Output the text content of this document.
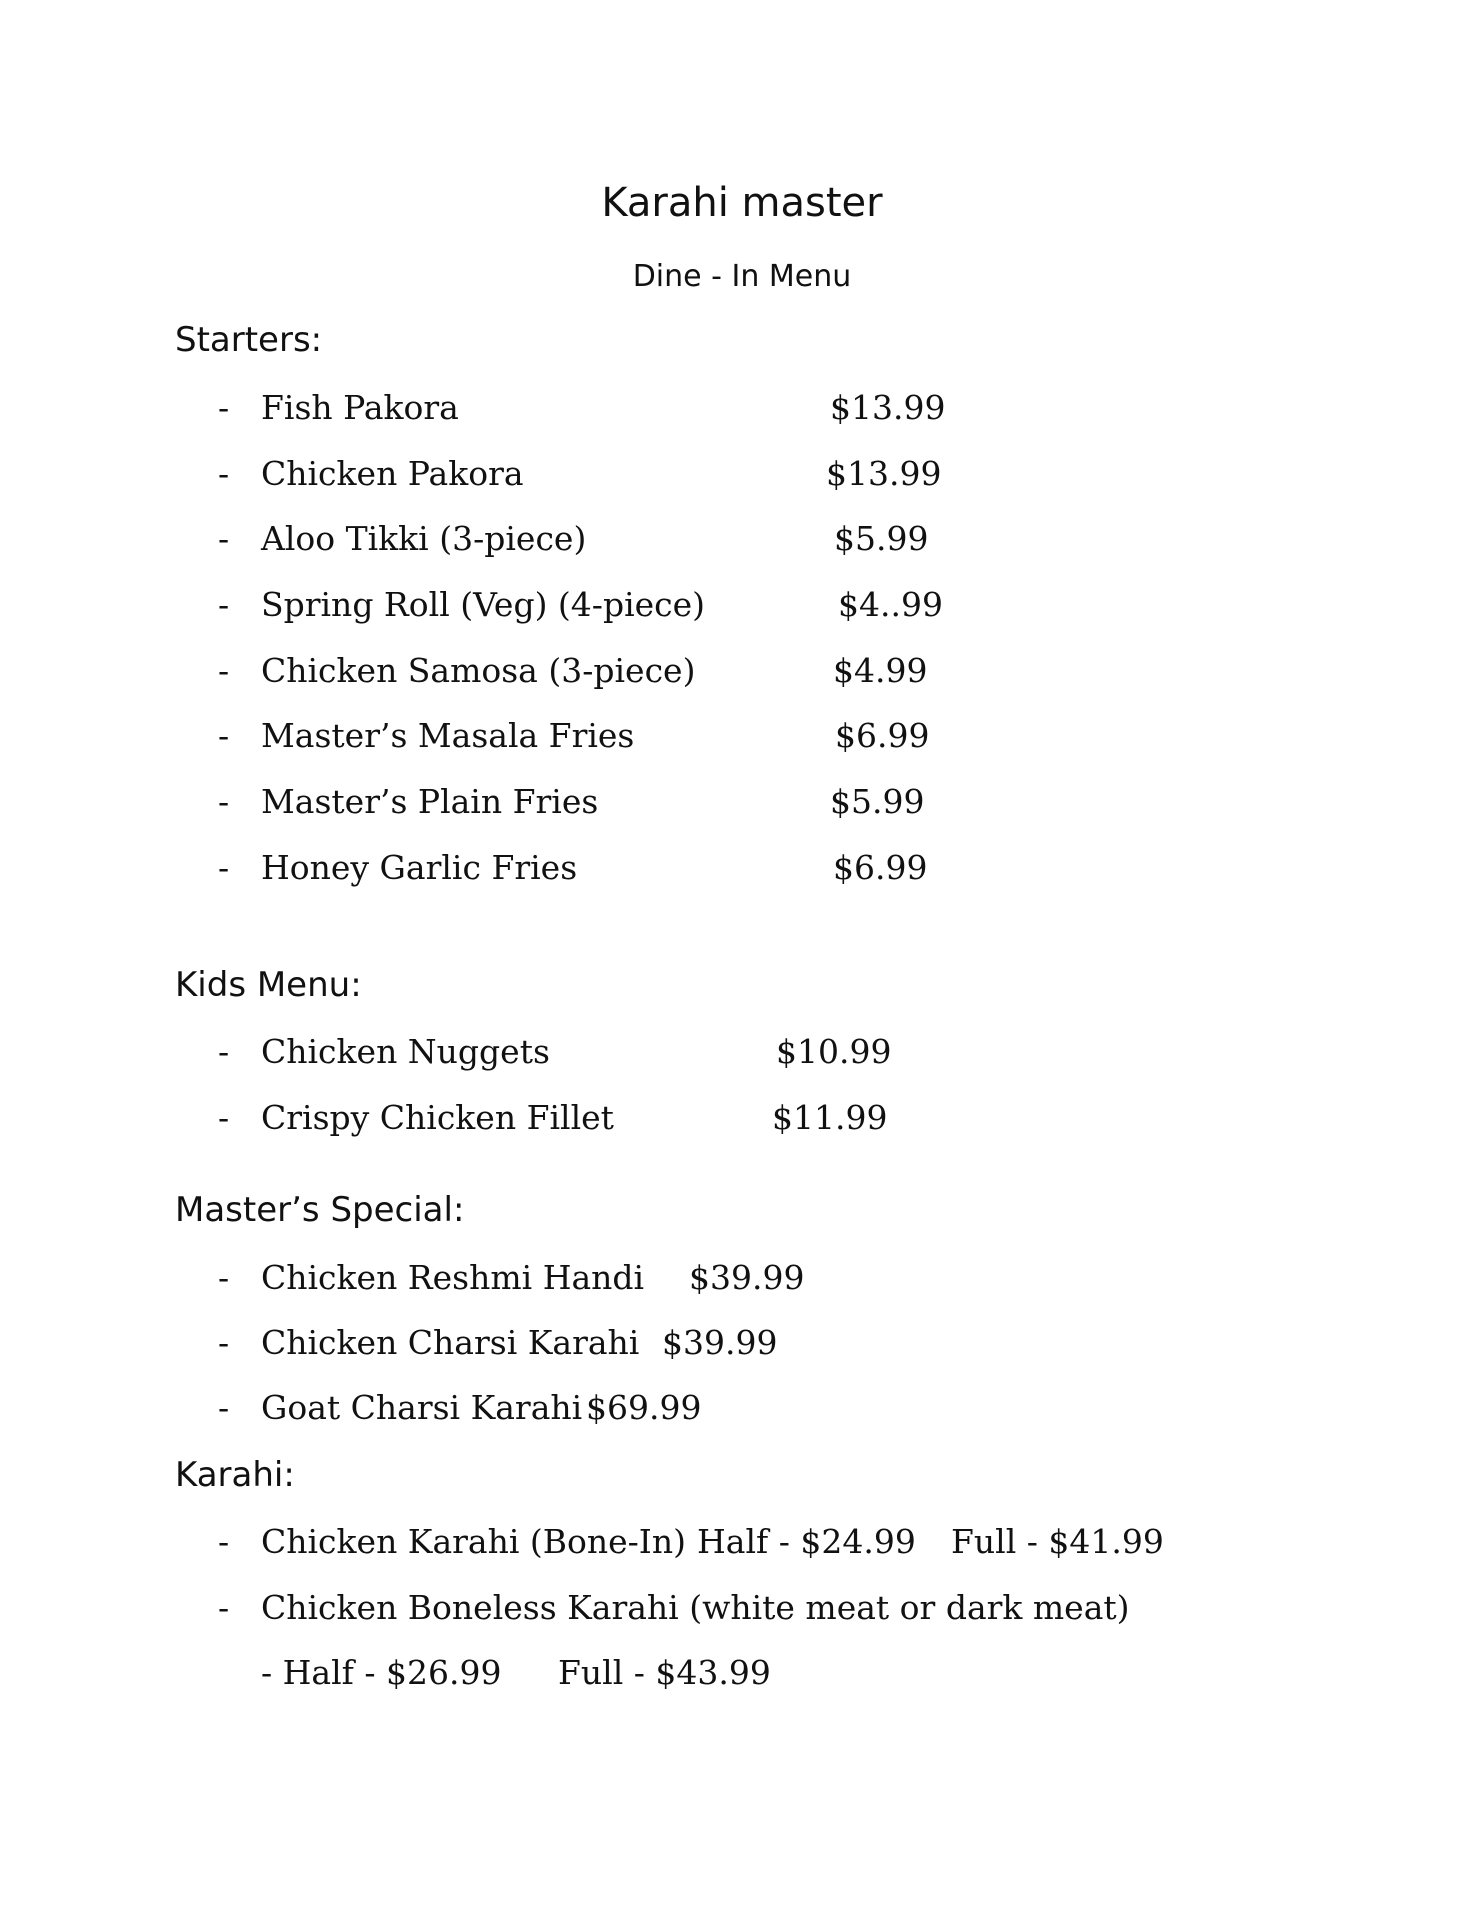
Karahi master
Dine - In Menu
Starters:
- Fish Pakora	$13.99
- Chicken Pakora	$13.99
- Aloo Tikki (3-piece)	$5.99
- Spring Roll (Veg) (4-piece)	$4..99
- Chicken Samosa (3-piece)	$4.99
- Master’s Masala Fries	$6.99
- Master’s Plain Fries	$5.99
- Honey Garlic Fries	$6.99
Kids Menu:
- Chicken Nuggets	$10.99
- Crispy Chicken Fillet	$11.99
Master’s Special:
- Chicken Reshmi Handi $39.99
- Chicken Charsi Karahi $39.99
- Goat Charsi Karahi $69.99
Karahi:
- Chicken Karahi (Bone-In) Half - $24.99 Full - $41.99
- Chicken Boneless Karahi (white meat or dark meat)
- Half - $26.99 Full - $43.99
